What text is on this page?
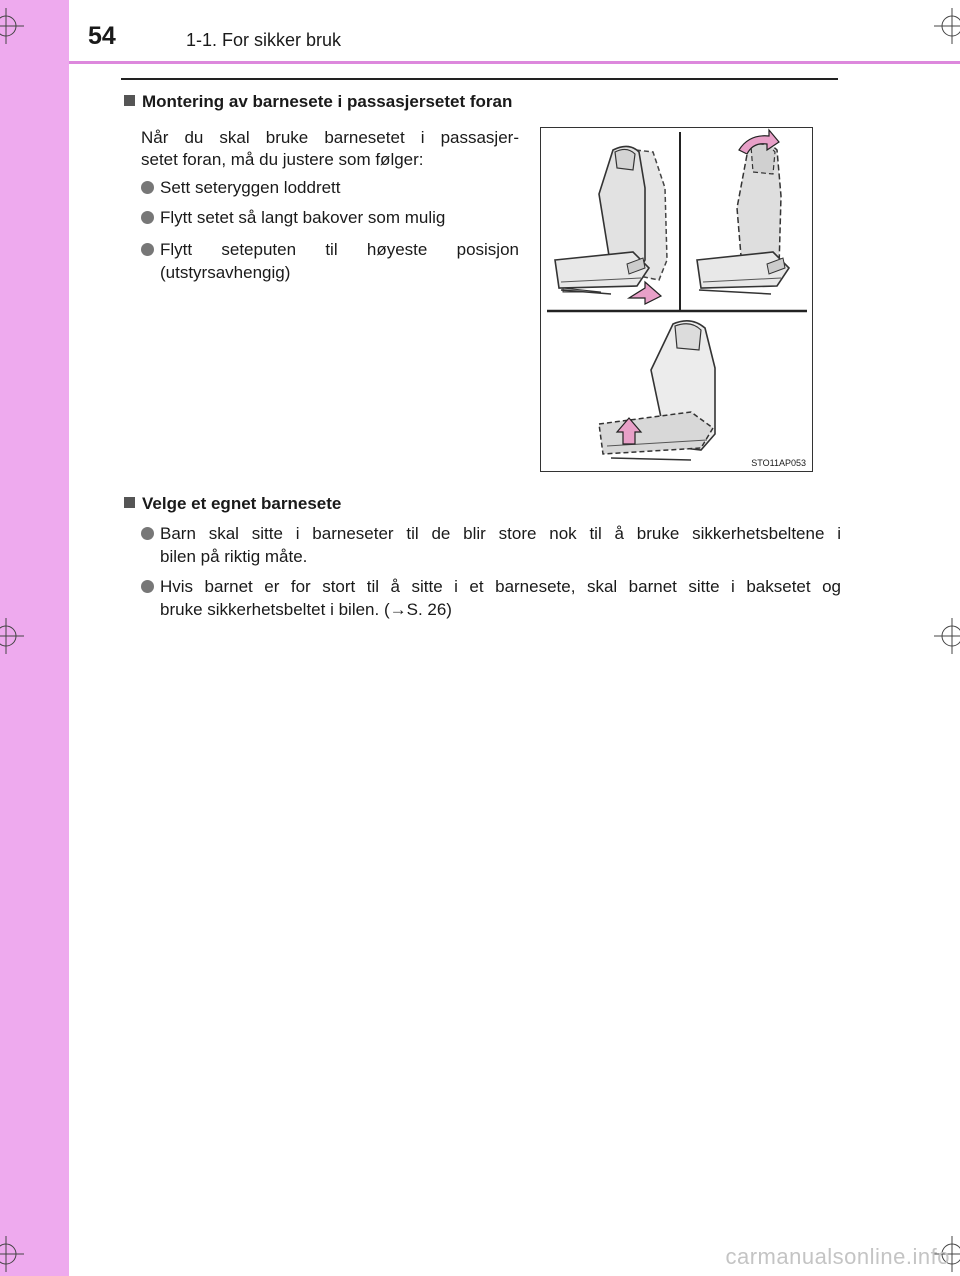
54	1-1. For sikker bruk
Montering av barnesete i passasjersetet foran
Når du skal bruke barnesetet i passasjer-
setet foran, må du justere som følger:
Sett seteryggen loddrett
Flytt setet så langt bakover som mulig
Flytt seteputen til høyeste posisjon
(utstyrsavhengig)
STO11AP053
Velge et egnet barnesete
Barn skal sitte i barneseter til de blir store nok til å bruke sikkerhetsbeltene i
bilen på riktig måte.
Hvis barnet er for stort til å sitte i et barnesete, skal barnet sitte i baksetet og
bruke sikkerhetsbeltet i bilen. (→S. 26)
carmanualsonline.info
